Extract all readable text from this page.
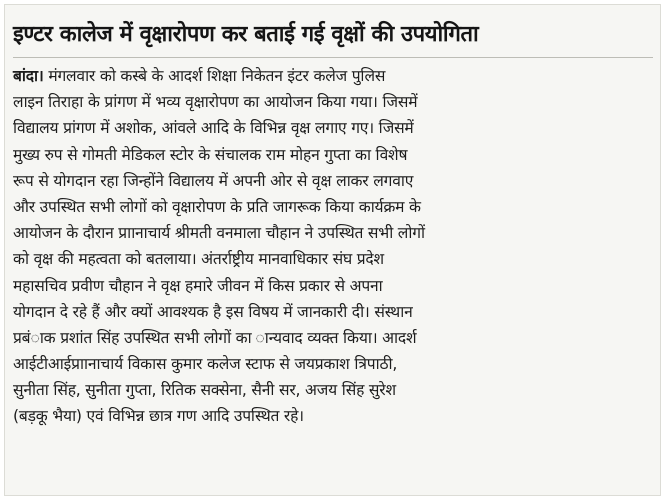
इण्टर कालेज में वृक्षारोपण कर बताई गई वृक्षों की उपयोगिता
बांदा। मंगलवार को कस्बे के आदर्श शिक्षा निकेतन इंटर कलेज पुलिस
लाइन तिराहा के प्रांगण में भव्य वृक्षारोपण का आयोजन किया गया। जिसमें
विद्यालय प्रांगण में अशोक, आंवले आदि के विभिन्न वृक्ष लगाए गए। जिसमें
मुख्य रुप से गोमती मेडिकल स्टोर के संचालक राम मोहन गुप्ता का विशेष
रूप से योगदान रहा जिन्होंने विद्यालय में अपनी ओर से वृक्ष लाकर लगवाए
और उपस्थित सभी लोगों को वृक्षारोपण के प्रति जागरूक किया कार्यक्रम के
आयोजन के दौरान प्राानाचार्य श्रीमती वनमाला चौहान ने उपस्थित सभी लोगों
को वृक्ष की महत्वता को बतलाया। अंतर्राष्ट्रीय मानवाधिकार संघ प्रदेश
महासचिव प्रवीण चौहान ने वृक्ष हमारे जीवन में किस प्रकार से अपना
योगदान दे रहे हैं और क्यों आवश्यक है इस विषय में जानकारी दी। संस्थान
प्रबंाक प्रशांत सिंह उपस्थित सभी लोगों का ान्यवाद व्यक्त किया। आदर्श
आईटीआईप्राानाचार्य विकास कुमार कलेज स्टाफ से जयप्रकाश त्रिपाठी,
सुनीता सिंह, सुनीता गुप्ता, रितिक सक्सेना, सैनी सर, अजय सिंह सुरेश
(बड़कू भैया) एवं विभिन्न छात्र गण आदि उपस्थित रहे।
